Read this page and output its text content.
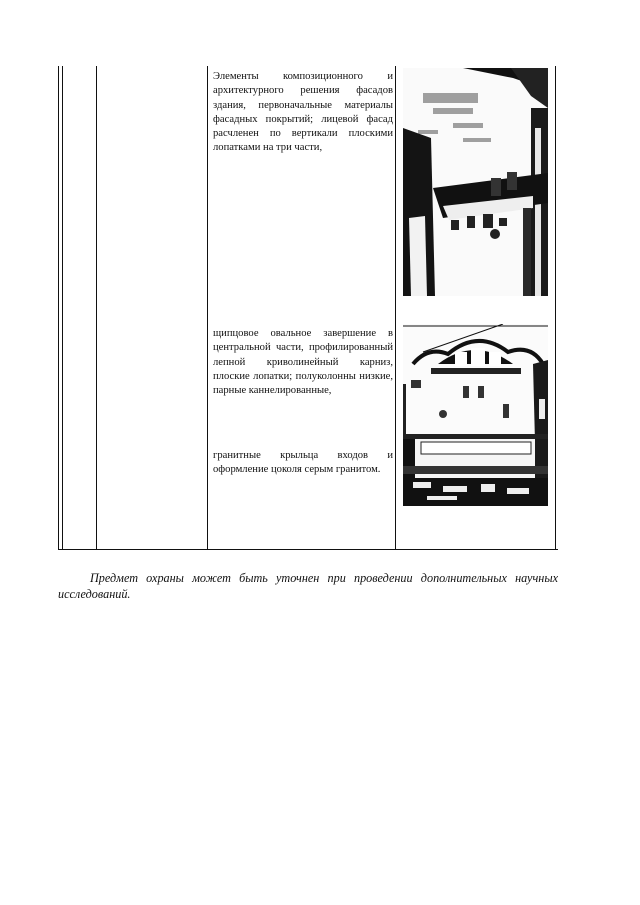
Элементы композиционного и архитектурного решения фасадов здания, первоначальные материалы фасадных покрытий; лицевой фасад расчленен по вертикали плоскими лопатками на три части,

щипцовое овальное завершение в центральной части, профилированный лепной криволинейный карниз, плоские лопатки; полуколонны низкие, парные каннелированные,

гранитные крыльца входов и оформление цоколя серым гранитом.

Предмет охраны может быть уточнен при проведении дополнительных научных исследований.
